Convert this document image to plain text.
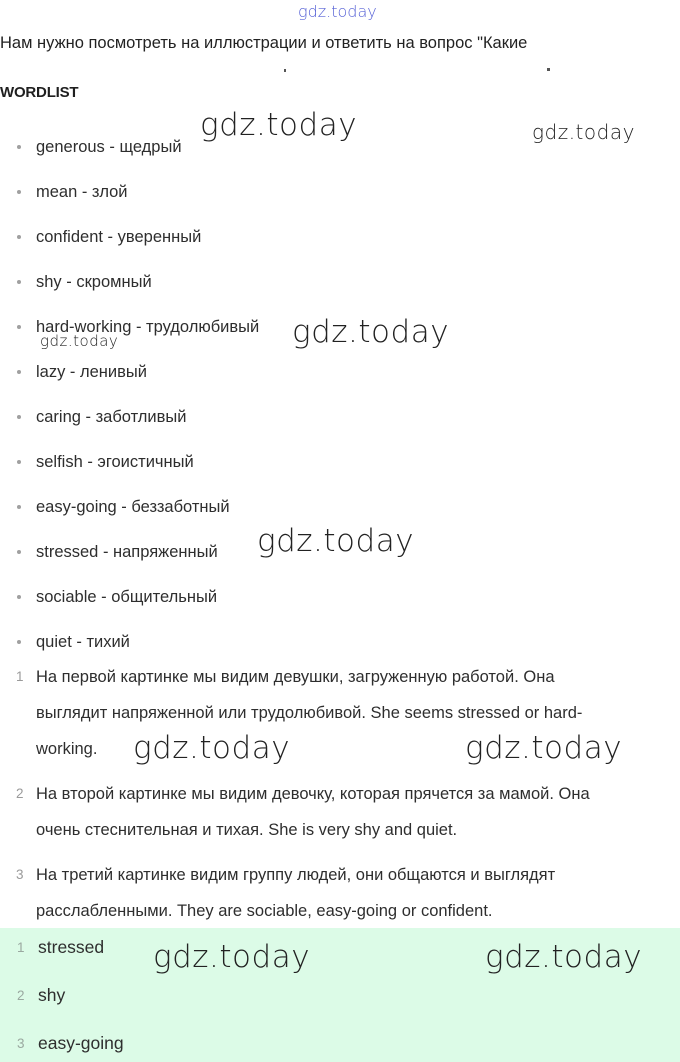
gdz.today
Нам нужно посмотреть на иллюстрации и ответить на вопрос "Какие
WORDLIST
generous - щедрый
mean - злой
confident - уверенный
shy - скромный
hard-working - трудолюбивый
lazy - ленивый
caring - заботливый
selfish - эгоистичный
easy-going - беззаботный
stressed - напряженный
sociable - общительный
quiet - тихий
1 На первой картинке мы видим девушки, загруженную работой. Она
выглядит напряженной или трудолюбивой. She seems stressed or hard-
working.
2 На второй картинке мы видим девочку, которая прячется за мамой. Она
очень стеснительная и тихая. She is very shy and quiet.
3 На третий картинке видим группу людей, они общаются и выглядят
расслабленными. They are sociable, easy-going or confident.
1 stressed
2 shy
3 easy-going
gdz.today	gdz.today
gdz.today
gdz.today
gdz.today
gdz.today	gdz.today
gdz.today	gdz.today
